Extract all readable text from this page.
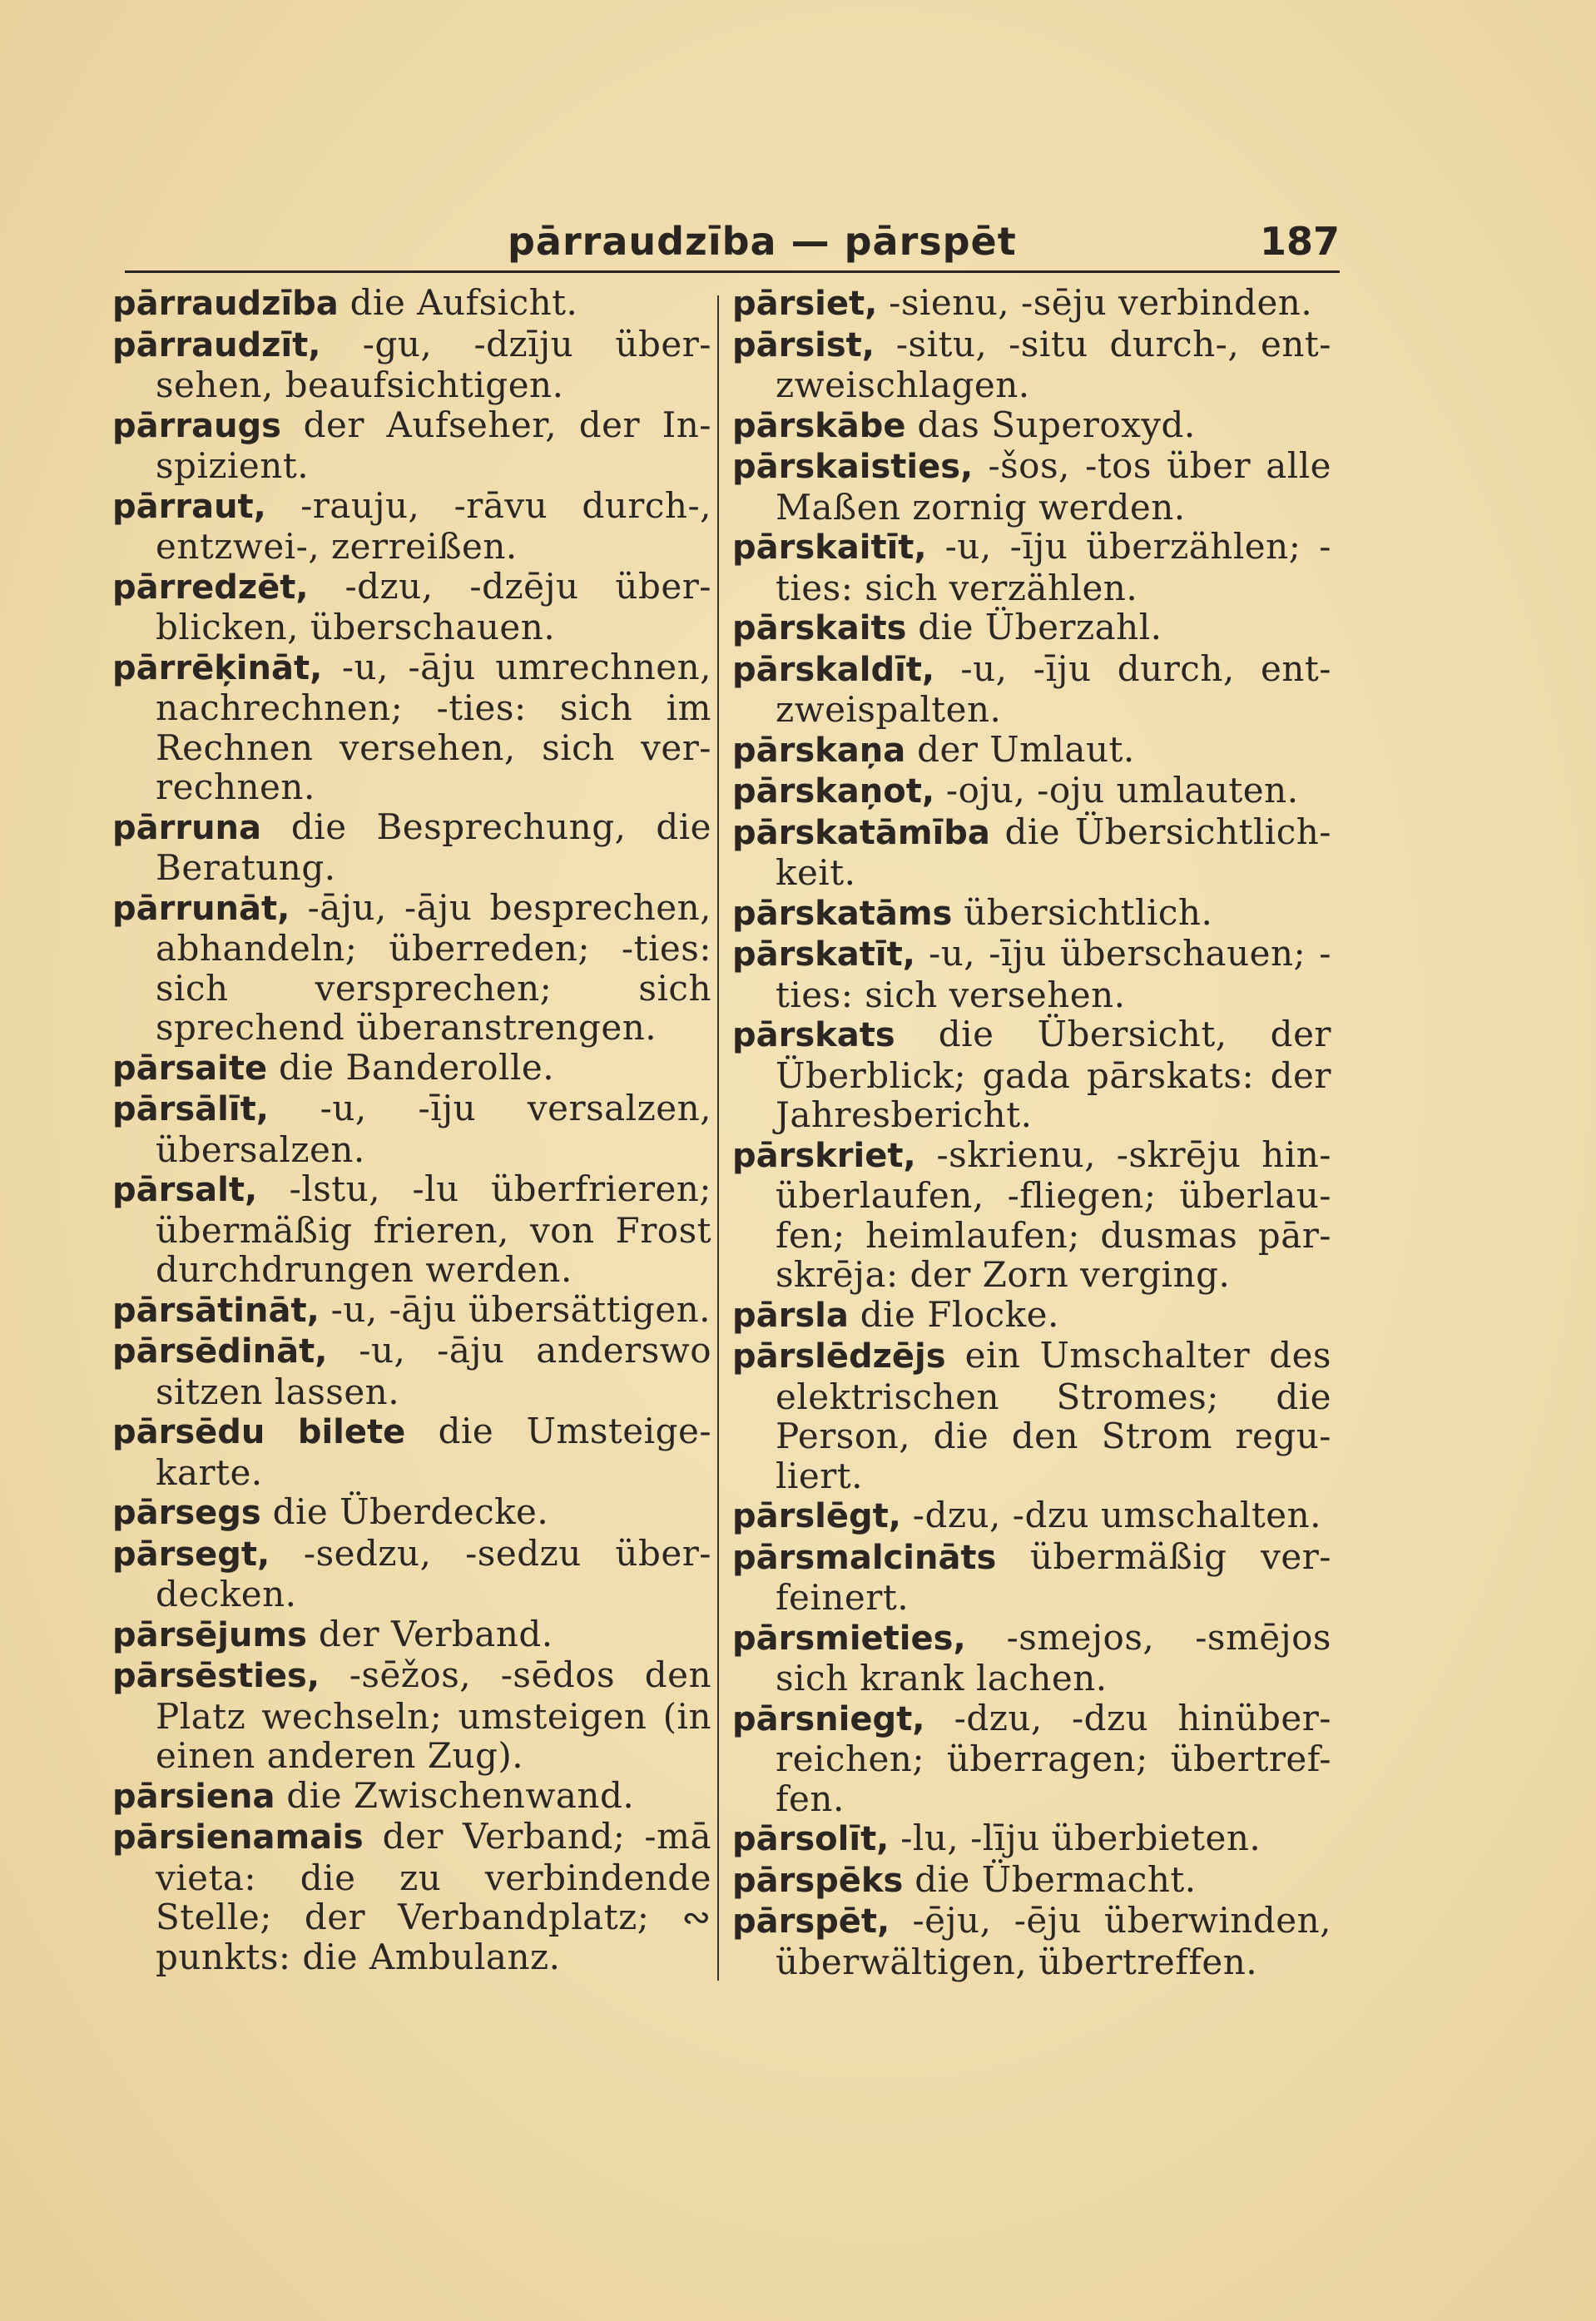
pārraudzība — pārspēt	187

pārraudzība die Aufsicht.

pārraudzīt, -gu, -dzīju über-sehen, beaufsichtigen.

pārraugs der Aufseher, der In-spizient.

pārraut, -rauju, -rāvu durch-, entzwei-, zerreißen.

pārredzēt, -dzu, -dzēju über-blicken, überschauen.

pārrēķināt, -u, -āju umrechnen, nachrechnen; -ties: sich im Rechnen versehen, sich ver-rechnen.

pārruna die Besprechung, die Beratung.

pārrunāt, -āju, -āju besprechen, abhandeln; überreden; -ties: sich versprechen; sich sprechend überanstrengen.

pārsaite die Banderolle.

pārsālīt, -u, -īju versalzen, übersalzen.

pārsalt, -lstu, -lu überfrieren; übermäßig frieren, von Frost durchdrungen werden.

pārsātināt, -u, -āju übersättigen.

pārsēdināt, -u, -āju anderswo sitzen lassen.

pārsēdu bilete die Umsteige-karte.

pārsegs die Überdecke.

pārsegt, -sedzu, -sedzu über-decken.

pārsējums der Verband.

pārsēsties, -sēžos, -sēdos den Platz wechseln; umsteigen (in einen anderen Zug).

pārsiena die Zwischenwand.

pārsienamais der Verband; -mā vieta: die zu verbindende Stelle; der Verbandplatz; ∾ punkts: die Ambulanz.

pārsiet, -sienu, -sēju verbinden.

pārsist, -situ, -situ durch-, ent-zweischlagen.

pārskābe das Superoxyd.

pārskaisties, -šos, -tos über alle Maßen zornig werden.

pārskaitīt, -u, -īju überzählen; -ties: sich verzählen.

pārskaits die Überzahl.

pārskaldīt, -u, -īju durch, ent-zweispalten.

pārskaņa der Umlaut.

pārskaņot, -oju, -oju umlauten.

pārskatāmība die Übersichtlich-keit.

pārskatāms übersichtlich.

pārskatīt, -u, -īju überschauen; -ties: sich versehen.

pārskats die Übersicht, der Überblick; gada pārskats: der Jahresbericht.

pārskriet, -skrienu, -skrēju hin-überlaufen, -fliegen; überlau-fen; heimlaufen; dusmas pār-skrēja: der Zorn verging.

pārsla die Flocke.

pārslēdzējs ein Umschalter des elektrischen Stromes; die Person, die den Strom regu-liert.

pārslēgt, -dzu, -dzu umschalten.

pārsmalcināts übermäßig ver-feinert.

pārsmieties, -smejos, -smējos sich krank lachen.

pārsniegt, -dzu, -dzu hinüber-reichen; überragen; übertref-fen.

pārsolīt, -lu, -līju überbieten.

pārspēks die Übermacht.

pārspēt, -ēju, -ēju überwinden, überwältigen, übertreffen.
